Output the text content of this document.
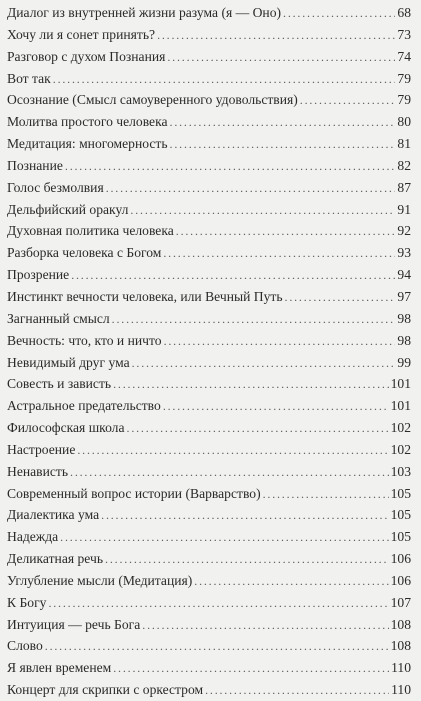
Диалог из внутренней жизни разума (я — Оно) . . .	68
Хочу ли я сонет принять? . . .	73
Разговор с духом Познания . . .	74
Вот так . . .	79
Осознание (Смысл самоуверенного удовольствия) . . .	79
Молитва простого человека . . .	80
Медитация: многомерность . . .	81
Познание . . .	82
Голос безмолвия . . .	87
Дельфийский оракул . . .	91
Духовная политика человека . . .	92
Разборка человека с Богом . . .	93
Прозрение . . .	94
Инстинкт вечности человека, или Вечный Путь . . .	97
Загнанный смысл . . .	98
Вечность: что, кто и ничто . . .	98
Невидимый друг ума . . .	99
Совесть и зависть . . .	101
Астральное предательство . . .	101
Философская школа . . .	102
Настроение . . .	102
Ненависть . . .	103
Современный вопрос истории (Варварство) . . .	105
Диалектика ума . . .	105
Надежда . . .	105
Деликатная речь . . .	106
Углубление мысли (Медитация) . . .	106
К Богу . . .	107
Интуиция — речь Бога . . .	108
Слово . . .	108
Я явлен временем . . .	110
Концерт для скрипки с оркестром . . .	110
